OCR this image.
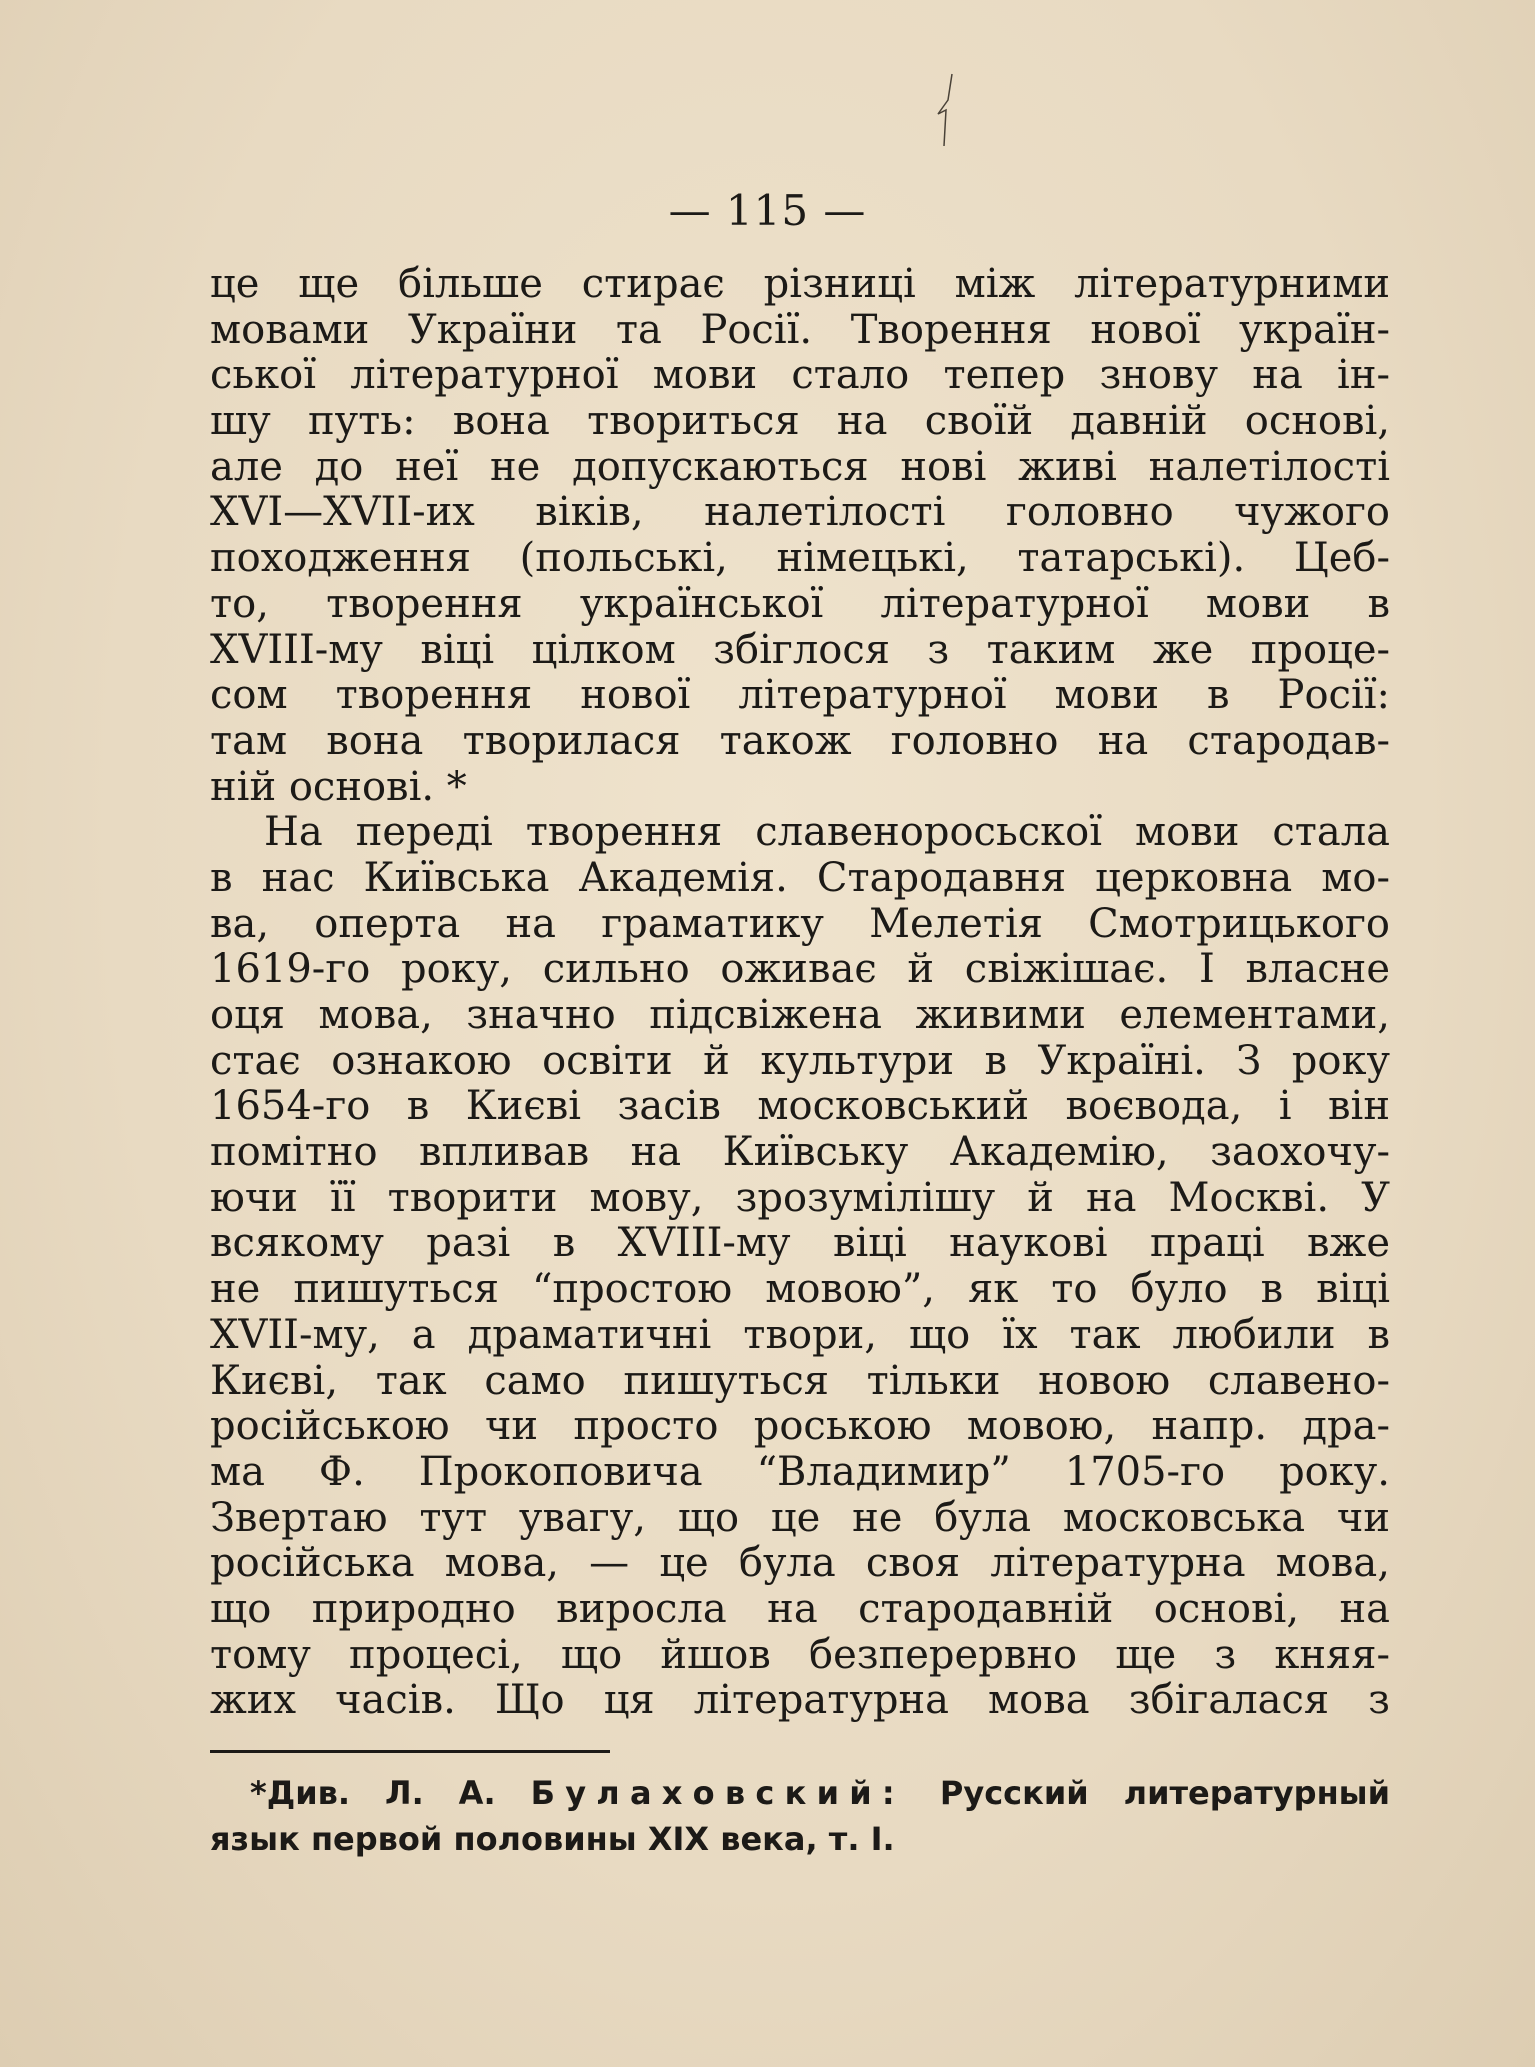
— 115 —
це ще більше стирає різниці між літературними
мовами України та Росії. Творення нової україн-
ської літературної мови стало тепер знову на ін-
шу путь: вона твориться на своїй давній основі,
але до неї не допускаються нові живі налетілості
XVI—XVII-их віків, налетілості головно чужого
походження (польські, німецькі, татарські). Цеб-
то, творення української літературної мови в
XVIII-му віці цілком збіглося з таким же проце-
сом творення нової літературної мови в Росії:
там вона творилася також головно на стародав-
ній основі. *
На переді творення славеноросьскої мови стала
в нас Київська Академія. Стародавня церковна мо-
ва, оперта на граматику Мелетія Смотрицького
1619-го року, сильно оживає й свіжішає. І власне
оця мова, значно підсвіжена живими елементами,
стає ознакою освіти й культури в Україні. З року
1654-го в Києві засів московський воєвода, і він
помітно впливав на Київську Академію, заохочу-
ючи її творити мову, зрозумілішу й на Москві. У
всякому разі в XVIII-му віці наукові праці вже
не пишуться “простою мовою”, як то було в віці
XVII-му, а драматичні твори, що їх так любили в
Києві, так само пишуться тільки новою славено-
російською чи просто роською мовою, напр. дра-
ма Ф. Прокоповича “Владимир” 1705-го року.
Звертаю тут увагу, що це не була московська чи
російська мова, — це була своя літературна мова,
що природно виросла на стародавній основі, на
тому процесі, що йшов безперервно ще з княя-
жих часів. Що ця літературна мова збігалася з
*Див. Л. А. Булаховский: Русский литературный
язык первой половины XIX века, т. I.
